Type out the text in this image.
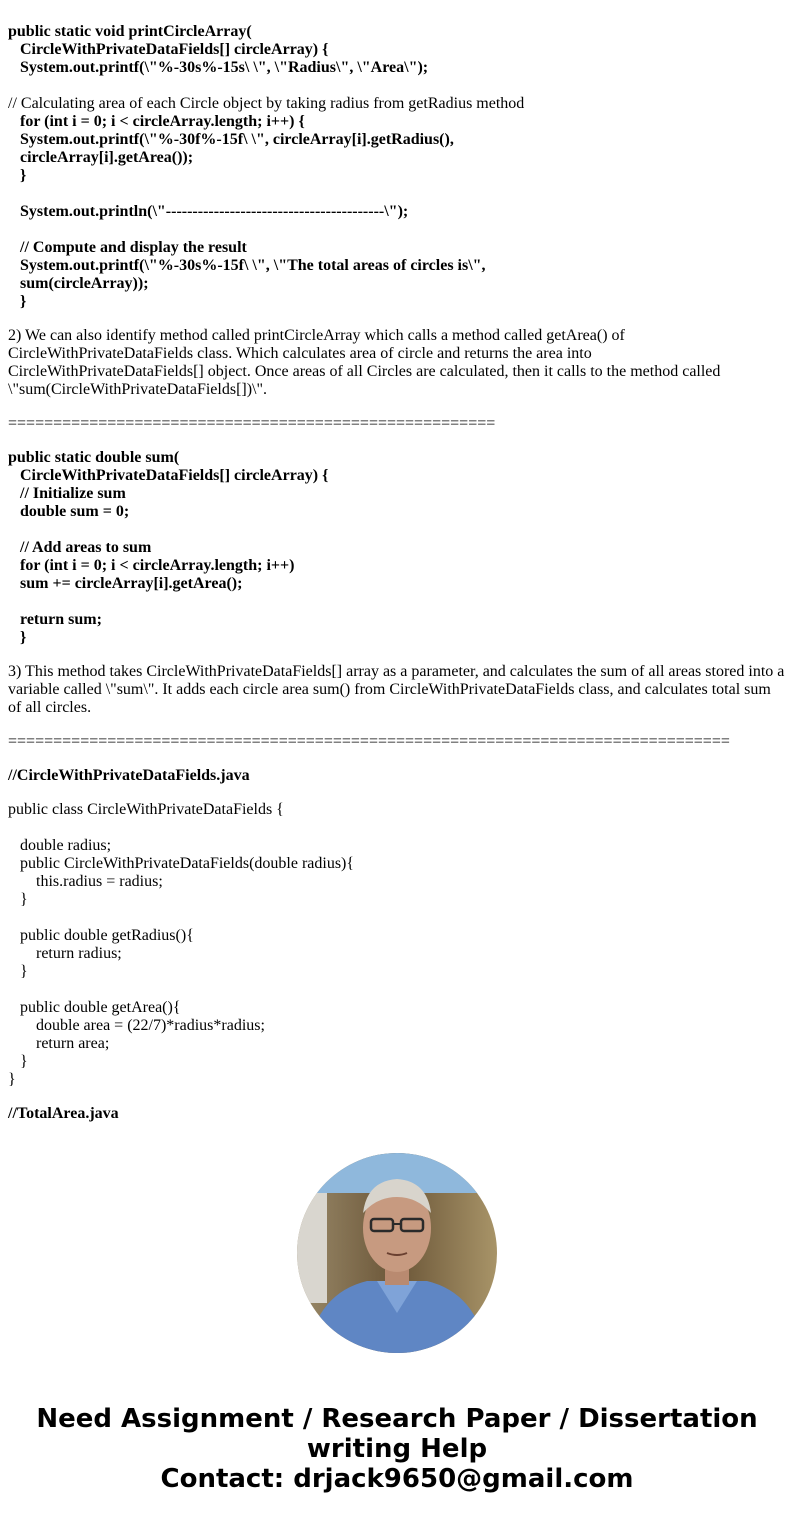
public static void printCircleArray(
CircleWithPrivateDataFields[] circleArray) {
System.out.printf(\"%-30s%-15s\ \", \"Radius\", \"Area\");
// Calculating area of each Circle object by taking radius from getRadius method
for (int i = 0; i < circleArray.length; i++) {
System.out.printf(\"%-30f%-15f\ \", circleArray[i].getRadius(),
circleArray[i].getArea());
}
System.out.println(\"-----------------------------------------\");
// Compute and display the result
System.out.printf(\"%-30s%-15f\ \", \"The total areas of circles is\",
sum(circleArray));
}
2) We can also identify method called printCircleArray which calls a method called getArea() of CircleWithPrivateDataFields class. Which calculates area of circle and returns the area into CircleWithPrivateDataFields[] object. Once areas of all Circles are calculated, then it calls to the method called \"sum(CircleWithPrivateDataFields[])\".
======================================================
public static double sum(
CircleWithPrivateDataFields[] circleArray) {
// Initialize sum
double sum = 0;
// Add areas to sum
for (int i = 0; i < circleArray.length; i++)
sum += circleArray[i].getArea();
return sum;
}
3) This method takes CircleWithPrivateDataFields[] array as a parameter, and calculates the sum of all areas stored into a variable called \"sum\". It adds each circle area sum() from CircleWithPrivateDataFields class, and calculates total sum of all circles.
================================================================================
//CircleWithPrivateDataFields.java
public class CircleWithPrivateDataFields {
double radius;
public CircleWithPrivateDataFields(double radius){
this.radius = radius;
}
public double getRadius(){
return radius;
}
public double getArea(){
double area = (22/7)*radius*radius;
return area;
}
}
//TotalArea.java
Need Assignment / Research Paper / Dissertation
writing Help
Contact: drjack9650@gmail.com
